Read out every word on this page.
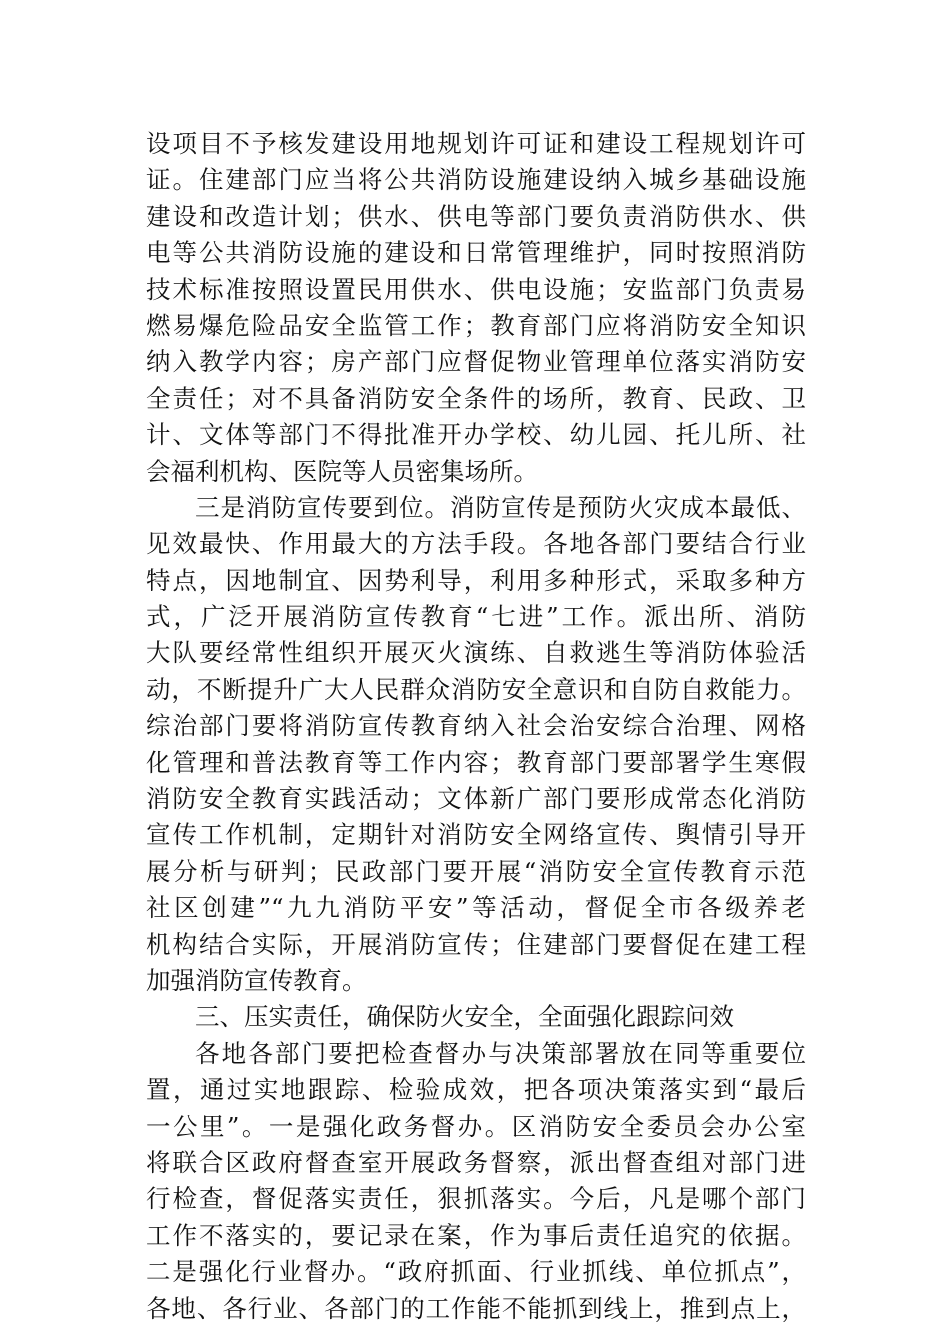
设项目不予核发建设用地规划许可证和建设工程规划许可
证。住建部门应当将公共消防设施建设纳入城乡基础设施
建设和改造计划；供水、供电等部门要负责消防供水、供
电等公共消防设施的建设和日常管理维护，同时按照消防
技术标准按照设置民用供水、供电设施；安监部门负责易
燃易爆危险品安全监管工作；教育部门应将消防安全知识
纳入教学内容；房产部门应督促物业管理单位落实消防安
全责任；对不具备消防安全条件的场所，教育、民政、卫
计、文体等部门不得批准开办学校、幼儿园、托儿所、社
会福利机构、医院等人员密集场所。
三是消防宣传要到位。消防宣传是预防火灾成本最低、
见效最快、作用最大的方法手段。各地各部门要结合行业
特点，因地制宜、因势利导，利用多种形式，采取多种方
式，广泛开展消防宣传教育“七进”工作。派出所、消防
大队要经常性组织开展灭火演练、自救逃生等消防体验活
动，不断提升广大人民群众消防安全意识和自防自救能力。
综治部门要将消防宣传教育纳入社会治安综合治理、网格
化管理和普法教育等工作内容；教育部门要部署学生寒假
消防安全教育实践活动；文体新广部门要形成常态化消防
宣传工作机制，定期针对消防安全网络宣传、舆情引导开
展分析与研判；民政部门要开展“消防安全宣传教育示范
社区创建”“九九消防平安”等活动，督促全市各级养老
机构结合实际，开展消防宣传；住建部门要督促在建工程
加强消防宣传教育。
三、压实责任，确保防火安全，全面强化跟踪问效
各地各部门要把检查督办与决策部署放在同等重要位
置，通过实地跟踪、检验成效，把各项决策落实到“最后
一公里”。一是强化政务督办。区消防安全委员会办公室
将联合区政府督查室开展政务督察，派出督查组对部门进
行检查，督促落实责任，狠抓落实。今后，凡是哪个部门
工作不落实的，要记录在案，作为事后责任追究的依据。
二是强化行业督办。“政府抓面、行业抓线、单位抓点”，
各地、各行业、各部门的工作能不能抓到线上，推到点上，
